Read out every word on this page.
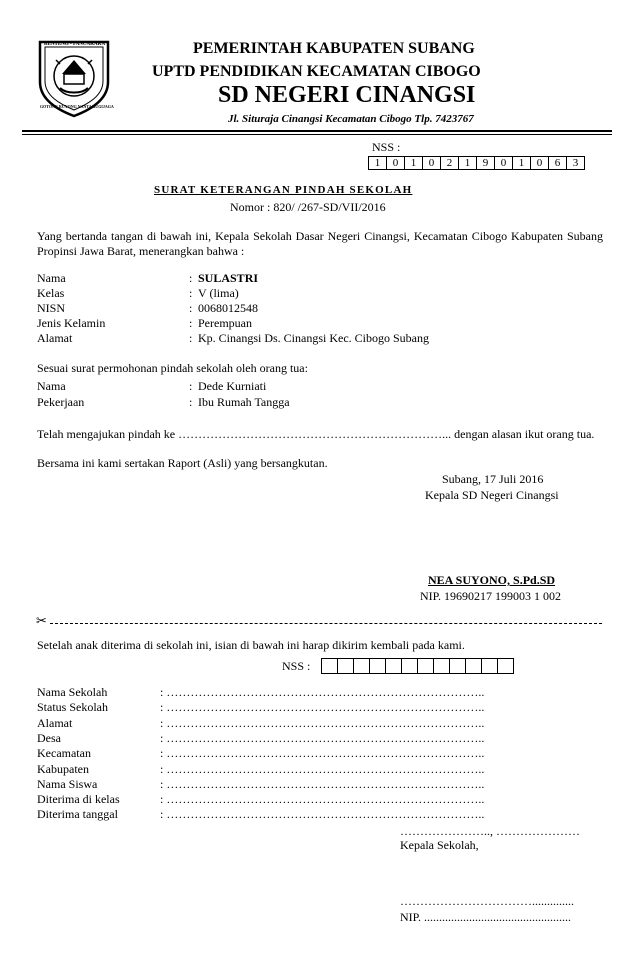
RENTENG • PANCAKAKA
GOTONG RUYONG NANTA RUGIJAGA
PEMERINTAH KABUPATEN SUBANG
UPTD PENDIDIKAN KECAMATAN CIBOGO
SD NEGERI CINANGSI
Jl. Situraja Cinangsi Kecamatan Cibogo Tlp. 7423767
NSS :
1	0	1	0	2	1	9	0	1	0	6	3
SURAT KETERANGAN PINDAH SEKOLAH
Nomor : 820/ /267-SD/VII/2016
Yang bertanda tangan di bawah ini, Kepala Sekolah Dasar Negeri Cinangsi, Kecamatan Cibogo Kabupaten Subang Propinsi Jawa Barat, menerangkan bahwa :
Nama	: SULASTRI
Kelas	: V (lima)
NISN	: 0068012548
Jenis Kelamin	: Perempuan
Alamat	: Kp. Cinangsi Ds. Cinangsi Kec. Cibogo Subang
Sesuai surat permohonan pindah sekolah oleh orang tua:
Nama	: Dede Kurniati
Pekerjaan	: Ibu Rumah Tangga
Telah mengajukan pindah ke …………………………………………………………... dengan alasan ikut orang tua.
Bersama ini kami sertakan Raport (Asli) yang bersangkutan.
Subang, 17 Juli 2016
Kepala SD Negeri Cinangsi
NEA SUYONO, S.Pd.SD
NIP. 19690217 199003 1 002
✂
Setelah anak diterima di sekolah ini, isian di bawah ini harap dikirim kembali pada kami.
NSS :
Nama Sekolah	: ……………………………………………………………………..
Status Sekolah	: ……………………………………………………………………..
Alamat	: ……………………………………………………………………..
Desa	: ……………………………………………………………………..
Kecamatan	: ……………………………………………………………………..
Kabupaten	: ……………………………………………………………………..
Nama Siswa	: ……………………………………………………………………..
Diterima di kelas	: ……………………………………………………………………..
Diterima tanggal	: ……………………………………………………………………..
………………….., …………………
Kepala Sekolah,
……………………………..............
NIP. .................................................
